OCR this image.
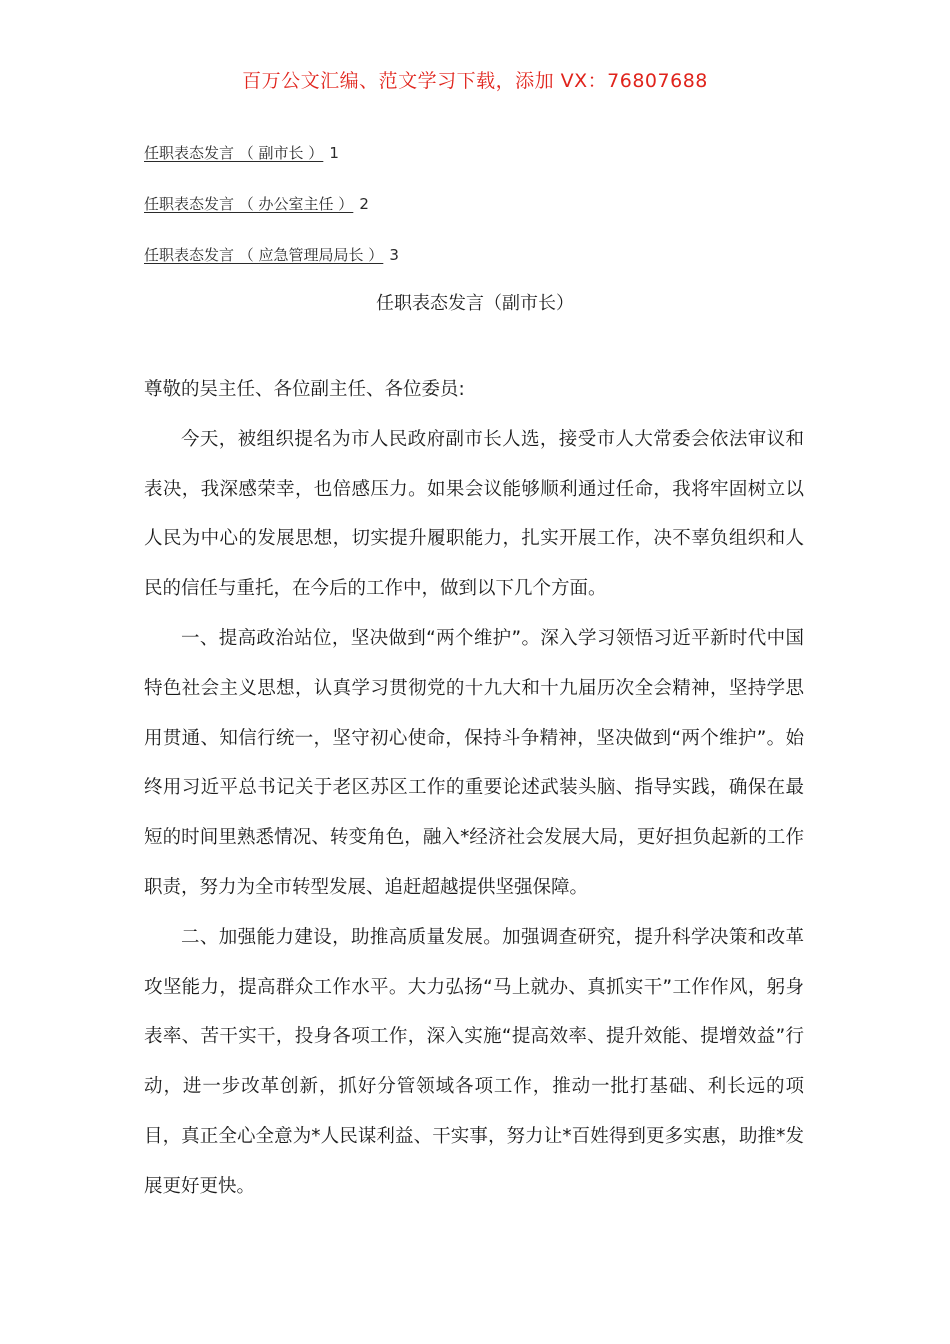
百万公文汇编、范文学习下载，添加 VX：76807688
任职表态发言 （ 副市长 ） 1
任职表态发言 （ 办公室主任 ） 2
任职表态发言 （ 应急管理局局长 ） 3
任职表态发言（副市长）

尊敬的吴主任、各位副主任、各位委员:

今天，被组织提名为市人民政府副市长人选，接受市人大常委会依法审议和表决，我深感荣幸，也倍感压力。如果会议能够顺利通过任命，我将牢固树立以人民为中心的发展思想，切实提升履职能力，扎实开展工作，决不辜负组织和人民的信任与重托，在今后的工作中，做到以下几个方面。

一、提高政治站位，坚决做到“两个维护”。深入学习领悟习近平新时代中国特色社会主义思想，认真学习贯彻党的十九大和十九届历次全会精神，坚持学思用贯通、知信行统一，坚守初心使命，保持斗争精神，坚决做到“两个维护”。始终用习近平总书记关于老区苏区工作的重要论述武装头脑、指导实践，确保在最短的时间里熟悉情况、转变角色，融入*经济社会发展大局，更好担负起新的工作职责，努力为全市转型发展、追赶超越提供坚强保障。

二、加强能力建设，助推高质量发展。加强调查研究，提升科学决策和改革攻坚能力，提高群众工作水平。大力弘扬“马上就办、真抓实干”工作作风，躬身表率、苦干实干，投身各项工作，深入实施“提高效率、提升效能、提增效益”行动，进一步改革创新，抓好分管领域各项工作，推动一批打基础、利长远的项目，真正全心全意为*人民谋利益、干实事，努力让*百姓得到更多实惠，助推*发展更好更快。
